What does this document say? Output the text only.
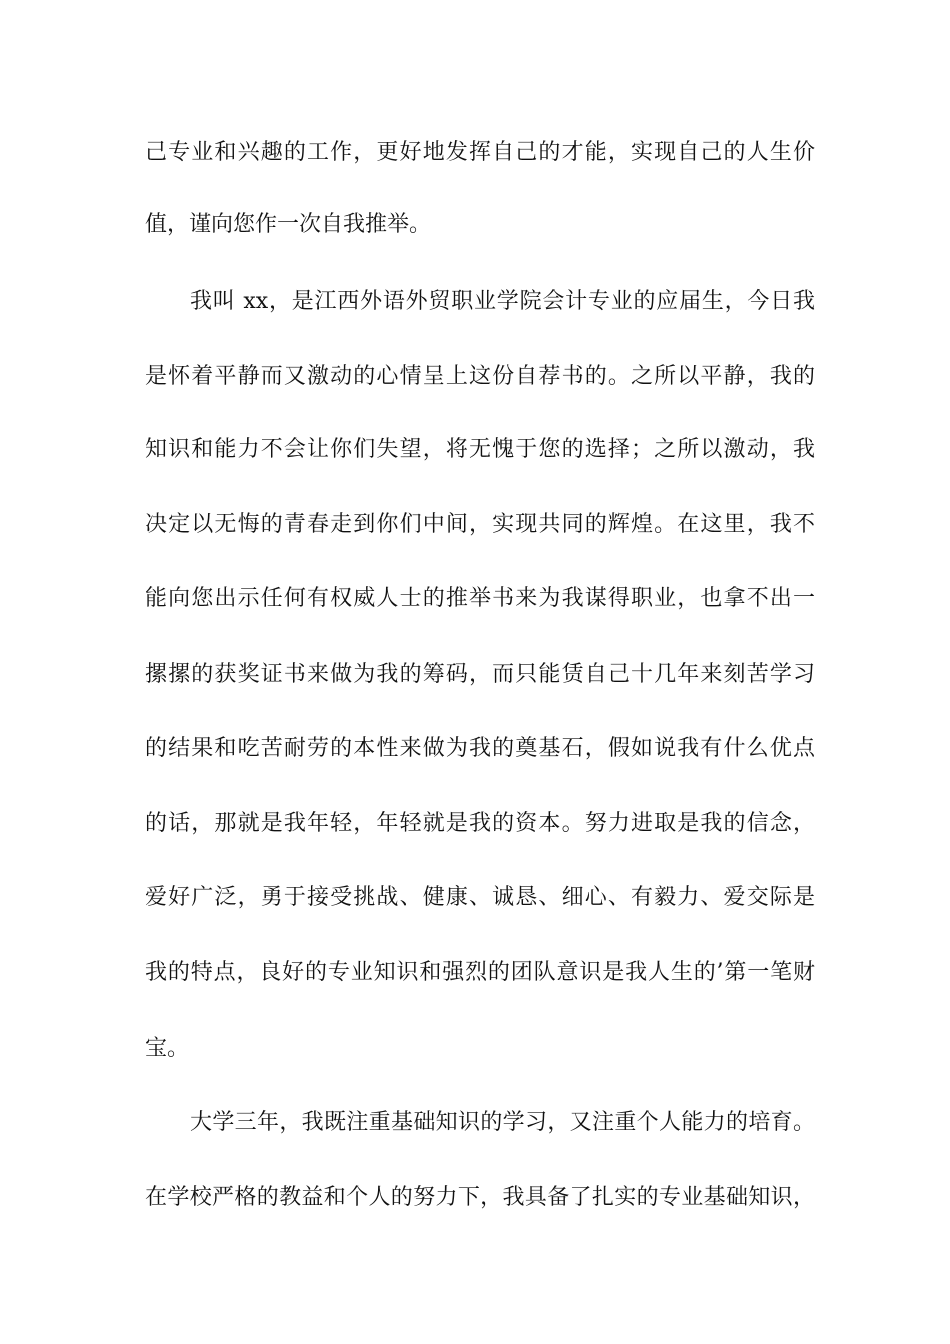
己专业和兴趣的工作，更好地发挥自己的才能，实现自己的人生价
值，谨向您作一次自我推举。
我叫 xx，是江西外语外贸职业学院会计专业的应届生，今日我
是怀着平静而又激动的心情呈上这份自荐书的。之所以平静，我的
知识和能力不会让你们失望，将无愧于您的选择；之所以激动，我
决定以无悔的青春走到你们中间，实现共同的辉煌。在这里，我不
能向您出示任何有权威人士的推举书来为我谋得职业，也拿不出一
摞摞的获奖证书来做为我的筹码，而只能赁自己十几年来刻苦学习
的结果和吃苦耐劳的本性来做为我的奠基石，假如说我有什么优点
的话，那就是我年轻，年轻就是我的资本。努力进取是我的信念，
爱好广泛，勇于接受挑战、健康、诚恳、细心、有毅力、爱交际是
我的特点，良好的专业知识和强烈的团队意识是我人生的’第一笔财
宝。
大学三年，我既注重基础知识的学习，又注重个人能力的培育。
在学校严格的教益和个人的努力下，我具备了扎实的专业基础知识，
